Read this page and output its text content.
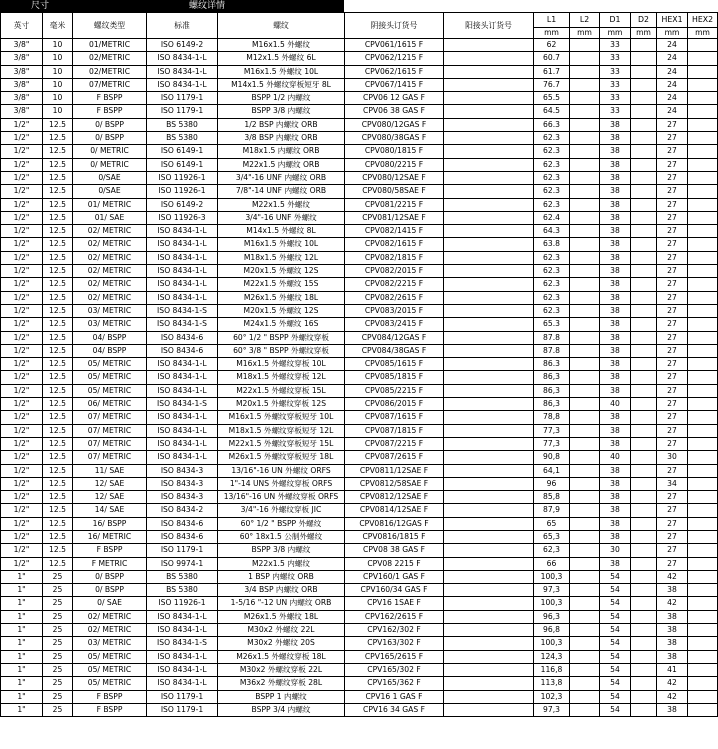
尺寸	螺纹详情
英寸	毫米	螺纹类型	标准	螺纹	阴接头订货号	阳接头订货号	L1	L2	D1	D2	HEX1	HEX2
							mm	mm	mm	mm	mm	mm
3/8"	10	01/METRIC	ISO 6149-2	M16x1.5 外螺纹	CPV061/1615 F		62		33		24	
3/8"	10	02/METRIC	ISO 8434-1-L	M12x1.5 外螺纹 6L	CPV062/1215 F		60.7		33		24	
3/8"	10	02/METRIC	ISO 8434-1-L	M16x1.5 外螺纹 10L	CPV062/1615 F		61.7		33		24	
3/8"	10	07/METRIC	ISO 8434-1-L	M14x1.5 外螺纹穿板短牙 8L	CPV067/1415 F		76.7		33		24	
3/8"	10	F BSPP	ISO 1179-1	BSPP 1/2 内螺纹	CPV06 12 GAS F		65.5		33		24	
3/8"	10	F BSPP	ISO 1179-1	BSPP 3/8 内螺纹	CPV06 38 GAS F		64.5		33		24	
1/2"	12.5	0/ BSPP	BS 5380	1/2 BSP 内螺纹 ORB	CPV080/12GAS F		66.3		38		27	
1/2"	12.5	0/ BSPP	BS 5380	3/8 BSP 内螺纹 ORB	CPV080/38GAS F		62.3		38		27	
1/2"	12.5	0/ METRIC	ISO 6149-1	M18x1.5 内螺纹 ORB	CPV080/1815 F		62.3		38		27	
1/2"	12.5	0/ METRIC	ISO 6149-1	M22x1.5 内螺纹 ORB	CPV080/2215 F		62.3		38		27	
1/2"	12.5	0/SAE	ISO 11926-1	3/4"-16 UNF 内螺纹 ORB	CPV080/12SAE F		62.3		38		27	
1/2"	12.5	0/SAE	ISO 11926-1	7/8"-14 UNF 内螺纹 ORB	CPV080/58SAE F		62.3		38		27	
1/2"	12.5	01/ METRIC	ISO 6149-2	M22x1.5 外螺纹	CPV081/2215 F		62.3		38		27	
1/2"	12.5	01/ SAE	ISO 11926-3	3/4"-16 UNF 外螺纹	CPV081/12SAE F		62.4		38		27	
1/2"	12.5	02/ METRIC	ISO 8434-1-L	M14x1.5 外螺纹 8L	CPV082/1415 F		64.3		38		27	
1/2"	12.5	02/ METRIC	ISO 8434-1-L	M16x1.5 外螺纹 10L	CPV082/1615 F		63.8		38		27	
1/2"	12.5	02/ METRIC	ISO 8434-1-L	M18x1.5 外螺纹 12L	CPV082/1815 F		62.3		38		27	
1/2"	12.5	02/ METRIC	ISO 8434-1-L	M20x1.5 外螺纹 12S	CPV082/2015 F		62.3		38		27	
1/2"	12.5	02/ METRIC	ISO 8434-1-L	M22x1.5 外螺纹 15S	CPV082/2215 F		62.3		38		27	
1/2"	12.5	02/ METRIC	ISO 8434-1-L	M26x1.5 外螺纹 18L	CPV082/2615 F		62.3		38		27	
1/2"	12.5	03/ METRIC	ISO 8434-1-S	M20x1.5 外螺纹 12S	CPV083/2015 F		62.3		38		27	
1/2"	12.5	03/ METRIC	ISO 8434-1-S	M24x1.5 外螺纹 16S	CPV083/2415 F		65.3		38		27	
1/2"	12.5	04/ BSPP	ISO 8434-6	60° 1/2 " BSPP 外螺纹穿板	CPV084/12GAS F		87.8		38		27	
1/2"	12.5	04/ BSPP	ISO 8434-6	60° 3/8 " BSPP 外螺纹穿板	CPV084/38GAS F		87.8		38		27	
1/2"	12.5	05/ METRIC	ISO 8434-1-L	M16x1.5 外螺纹穿板 10L	CPV085/1615 F		86.3		38		27	
1/2"	12.5	05/ METRIC	ISO 8434-1-L	M18x1.5 外螺纹穿板 12L	CPV085/1815 F		86,3		38		27	
1/2"	12.5	05/ METRIC	ISO 8434-1-L	M22x1.5 外螺纹穿板 15L	CPV085/2215 F		86,3		38		27	
1/2"	12.5	06/ METRIC	ISO 8434-1-S	M20x1.5 外螺纹穿板 12S	CPV086/2015 F		86,3		40		27	
1/2"	12.5	07/ METRIC	ISO 8434-1-L	M16x1.5 外螺纹穿板短牙 10L	CPV087/1615 F		78,8		38		27	
1/2"	12.5	07/ METRIC	ISO 8434-1-L	M18x1.5 外螺纹穿板短牙 12L	CPV087/1815 F		77,3		38		27	
1/2"	12.5	07/ METRIC	ISO 8434-1-L	M22x1.5 外螺纹穿板短牙 15L	CPV087/2215 F		77,3		38		27	
1/2"	12.5	07/ METRIC	ISO 8434-1-L	M26x1.5 外螺纹穿板短牙 18L	CPV087/2615 F		90,8		40		30	
1/2"	12.5	11/ SAE	ISO 8434-3	13/16"-16 UN 外螺纹 ORFS	CPV0811/12SAE F		64,1		38		27	
1/2"	12.5	12/ SAE	ISO 8434-3	1"-14 UNS 外螺纹穿板 ORFS	CPV0812/58SAE F		96		38		34	
1/2"	12.5	12/ SAE	ISO 8434-3	13/16"-16 UN 外螺纹穿板 ORFS	CPV0812/12SAE F		85,8		38		27	
1/2"	12.5	14/ SAE	ISO 8434-2	3/4"-16 外螺纹穿板 JIC	CPV0814/12SAE F		87,9		38		27	
1/2"	12.5	16/ BSPP	ISO 8434-6	60° 1/2 " BSPP 外螺纹	CPV0816/12GAS F		65		38		27	
1/2"	12.5	16/ METRIC	ISO 8434-6	60° 18x1.5 公制外螺纹	CPV0816/1815 F		65,3		38		27	
1/2"	12.5	F BSPP	ISO 1179-1	BSPP 3/8 内螺纹	CPV08 38 GAS F		62,3		30		27	
1/2"	12.5	F METRIC	ISO 9974-1	M22x1.5 内螺纹	CPV08 2215 F		66		38		27	
1"	25	0/ BSPP	BS 5380	1 BSP 内螺纹 ORB	CPV160/1 GAS F		100,3		54		42	
1"	25	0/ BSPP	BS 5380	3/4 BSP 内螺纹 ORB	CPV160/34 GAS F		97,3		54		38	
1"	25	0/ SAE	ISO 11926-1	1-5/16 "-12 UN 内螺纹 ORB	CPV16 1SAE F		100,3		54		42	
1"	25	02/ METRIC	ISO 8434-1-L	M26x1.5 外螺纹 18L	CPV162/2615 F		96,3		54		38	
1"	25	02/ METRIC	ISO 8434-1-L	M30x2 外螺纹 22L	CPV162/302 F		96,8		54		38	
1"	25	03/ METRIC	ISO 8434-1-S	M30x2 外螺纹 20S	CPV163/302 F		100,3		54		38	
1"	25	05/ METRIC	ISO 8434-1-L	M26x1.5 外螺纹穿板 18L	CPV165/2615 F		124,3		54		38	
1"	25	05/ METRIC	ISO 8434-1-L	M30x2 外螺纹穿板 22L	CPV165/302 F		116,8		54		41	
1"	25	05/ METRIC	ISO 8434-1-L	M36x2 外螺纹穿板 28L	CPV165/362 F		113,8		54		42	
1"	25	F BSPP	ISO 1179-1	BSPP 1 内螺纹	CPV16 1 GAS F		102,3		54		42	
1"	25	F BSPP	ISO 1179-1	BSPP 3/4 内螺纹	CPV16 34 GAS F		97,3		54		38	
